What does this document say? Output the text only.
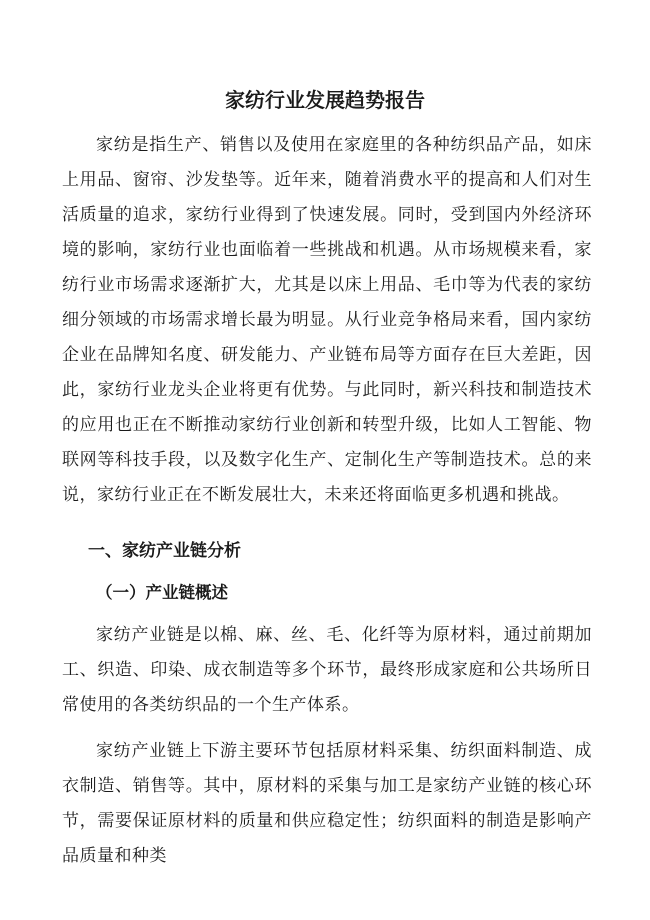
家纺行业发展趋势报告

家纺是指生产、销售以及使用在家庭里的各种纺织品产品，如床上用品、窗帘、沙发垫等。近年来，随着消费水平的提高和人们对生活质量的追求，家纺行业得到了快速发展。同时，受到国内外经济环境的影响，家纺行业也面临着一些挑战和机遇。从市场规模来看，家纺行业市场需求逐渐扩大，尤其是以床上用品、毛巾等为代表的家纺细分领域的市场需求增长最为明显。从行业竞争格局来看，国内家纺企业在品牌知名度、研发能力、产业链布局等方面存在巨大差距，因此，家纺行业龙头企业将更有优势。与此同时，新兴科技和制造技术的应用也正在不断推动家纺行业创新和转型升级，比如人工智能、物联网等科技手段，以及数字化生产、定制化生产等制造技术。总的来说，家纺行业正在不断发展壮大，未来还将面临更多机遇和挑战。

一、家纺产业链分析
（一）产业链概述

家纺产业链是以棉、麻、丝、毛、化纤等为原材料，通过前期加工、织造、印染、成衣制造等多个环节，最终形成家庭和公共场所日常使用的各类纺织品的一个生产体系。

家纺产业链上下游主要环节包括原材料采集、纺织面料制造、成衣制造、销售等。其中，原材料的采集与加工是家纺产业链的核心环节，需要保证原材料的质量和供应稳定性；纺织面料的制造是影响产品质量和种类
